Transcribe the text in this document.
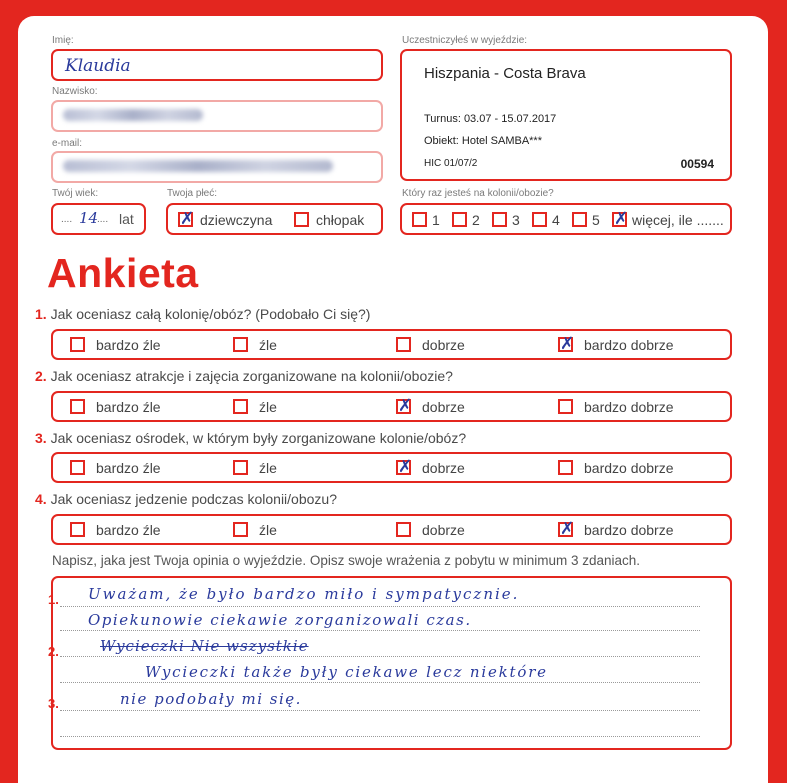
Imię:
Klaudia
Nazwisko:
e-mail:
Uczestniczyłeś w wyjeździe:
Hiszpania - Costa Brava
Turnus: 03.07 - 15.07.2017
Obiekt: Hotel SAMBA***
HIC 01/07/2	00594
Twój wiek:
.... 14
.... lat
Twoja płeć:
✗ dziewczyna	chłopak
Który raz jesteś na kolonii/obozie?
1 2 3 4 5 ✗ więcej, ile .......
Ankieta
1. Jak oceniasz całą kolonię/obóz? (Podobało Ci się?)
bardzo źle	źle	dobrze	✗ bardzo dobrze
2. Jak oceniasz atrakcje i zajęcia zorganizowane na kolonii/obozie?
bardzo źle	źle	✗ dobrze	bardzo dobrze
3. Jak oceniasz ośrodek, w którym były zorganizowane kolonie/obóz?
bardzo źle	źle	✗ dobrze	bardzo dobrze
4. Jak oceniasz jedzenie podczas kolonii/obozu?
bardzo źle	źle	dobrze	✗ bardzo dobrze
Napisz, jaka jest Twoja opinia o wyjeździe. Opisz swoje wrażenia z pobytu w minimum 3 zdaniach.
1.
2.
3.
Uważam, że było bardzo miło i sympatycznie.
Opiekunowie ciekawie zorganizowali czas.
Wycieczki Nie wszystkie
Wycieczki także były ciekawe lecz niektóre
nie podobały mi się.
